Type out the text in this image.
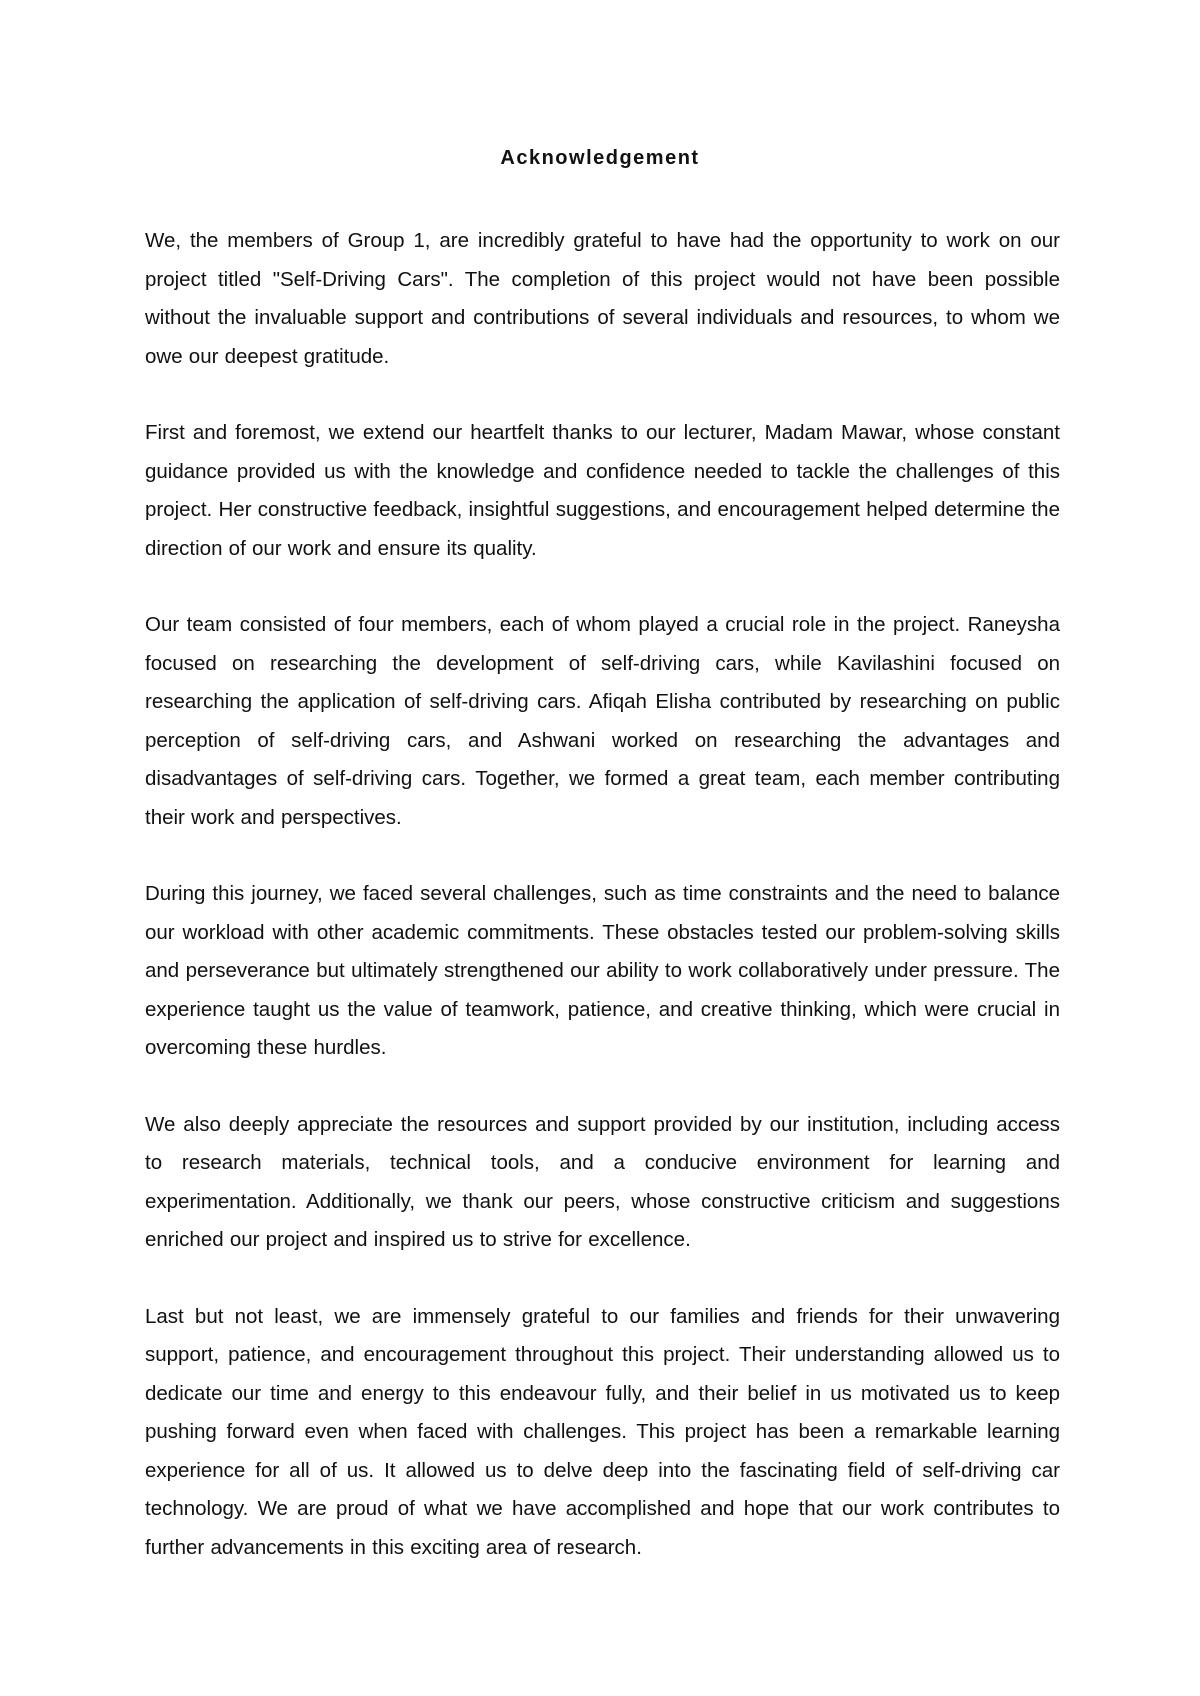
Acknowledgement

We, the members of Group 1, are incredibly grateful to have had the opportunity to work on our project titled "Self-Driving Cars". The completion of this project would not have been possible without the invaluable support and contributions of several individuals and resources, to whom we owe our deepest gratitude.

First and foremost, we extend our heartfelt thanks to our lecturer, Madam Mawar, whose constant guidance provided us with the knowledge and confidence needed to tackle the challenges of this project. Her constructive feedback, insightful suggestions, and encouragement helped determine the direction of our work and ensure its quality.

Our team consisted of four members, each of whom played a crucial role in the project. Raneysha focused on researching the development of self-driving cars, while Kavilashini focused on researching the application of self-driving cars. Afiqah Elisha contributed by researching on public perception of self-driving cars, and Ashwani worked on researching the advantages and disadvantages of self-driving cars. Together, we formed a great team, each member contributing their work and perspectives.

During this journey, we faced several challenges, such as time constraints and the need to balance our workload with other academic commitments. These obstacles tested our problem-solving skills and perseverance but ultimately strengthened our ability to work collaboratively under pressure. The experience taught us the value of teamwork, patience, and creative thinking, which were crucial in overcoming these hurdles.

We also deeply appreciate the resources and support provided by our institution, including access to research materials, technical tools, and a conducive environment for learning and experimentation. Additionally, we thank our peers, whose constructive criticism and suggestions enriched our project and inspired us to strive for excellence.

Last but not least, we are immensely grateful to our families and friends for their unwavering support, patience, and encouragement throughout this project. Their understanding allowed us to dedicate our time and energy to this endeavour fully, and their belief in us motivated us to keep pushing forward even when faced with challenges. This project has been a remarkable learning experience for all of us. It allowed us to delve deep into the fascinating field of self-driving car technology. We are proud of what we have accomplished and hope that our work contributes to further advancements in this exciting area of research.
